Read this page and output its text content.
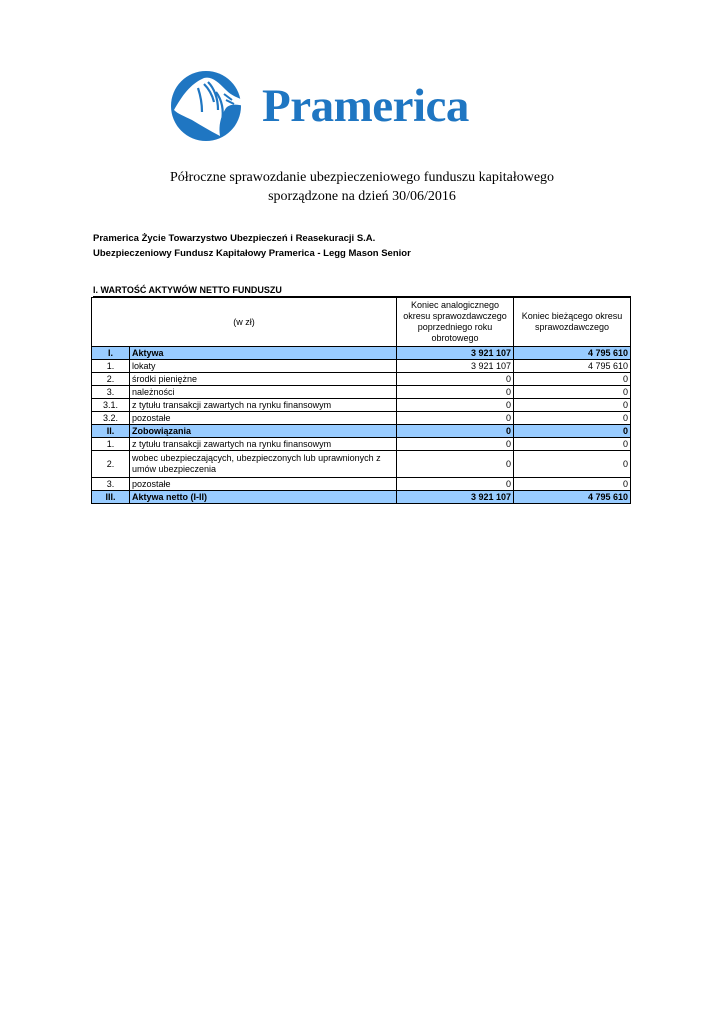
Pramerica
Półroczne sprawozdanie ubezpieczeniowego funduszu kapitałowego
sporządzone na dzień 30/06/2016
Pramerica Życie Towarzystwo Ubezpieczeń i Reasekuracji S.A.
Ubezpieczeniowy Fundusz Kapitałowy Pramerica - Legg Mason Senior
I. WARTOŚĆ AKTYWÓW NETTO FUNDUSZU
(w zł)		Koniec analogicznego okresu sprawozdawczego poprzedniego roku obrotowego	Koniec bieżącego okresu sprawozdawczego
I.	Aktywa	3 921 107	4 795 610
1.	lokaty	3 921 107	4 795 610
2.	środki pieniężne	0	0
3.	należności	0	0
3.1.	z tytułu transakcji zawartych na rynku finansowym	0	0
3.2.	pozostałe	0	0
II.	Zobowiązania	0	0
1.	z tytułu transakcji zawartych na rynku finansowym	0	0
2.	wobec ubezpieczających, ubezpieczonych lub uprawnionych z umów ubezpieczenia	0	0
3.	pozostałe	0	0
III.	Aktywa netto (I-II)	3 921 107	4 795 610
